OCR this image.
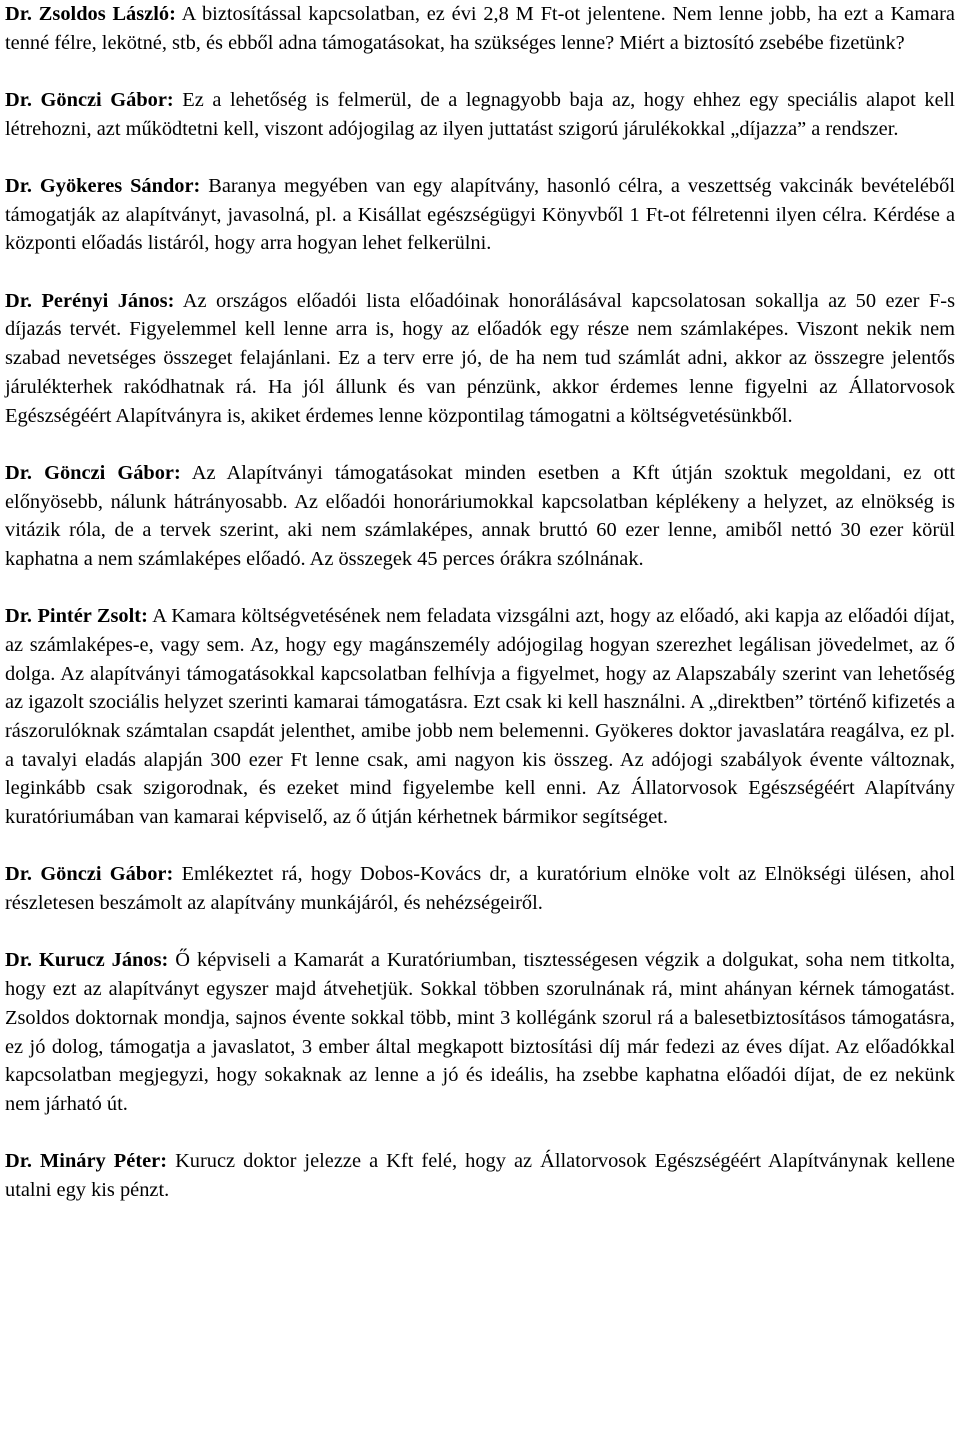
Dr. Zsoldos László: A biztosítással kapcsolatban, ez évi 2,8 M Ft-ot jelentene. Nem lenne jobb, ha ezt a Kamara tenné félre, lekötné, stb, és ebből adna támogatásokat, ha szükséges lenne? Miért a biztosító zsebébe fizetünk?

Dr. Gönczi Gábor: Ez a lehetőség is felmerül, de a legnagyobb baja az, hogy ehhez egy speciális alapot kell létrehozni, azt működtetni kell, viszont adójogilag az ilyen juttatást szigorú járulékokkal „díjazza” a rendszer.

Dr. Gyökeres Sándor: Baranya megyében van egy alapítvány, hasonló célra, a veszettség vakcinák bevételéből támogatják az alapítványt, javasolná, pl. a Kisállat egészségügyi Könyvből 1 Ft-ot félretenni ilyen célra. Kérdése a központi előadás listáról, hogy arra hogyan lehet felkerülni.

Dr. Perényi János: Az országos előadói lista előadóinak honorálásával kapcsolatosan sokallja az 50 ezer F-s díjazás tervét. Figyelemmel kell lenne arra is, hogy az előadók egy része nem számlaképes. Viszont nekik nem szabad nevetséges összeget felajánlani. Ez a terv erre jó, de ha nem tud számlát adni, akkor az összegre jelentős járulékterhek rakódhatnak rá. Ha jól állunk és van pénzünk, akkor érdemes lenne figyelni az Állatorvosok Egészségéért Alapítványra is, akiket érdemes lenne központilag támogatni a költségvetésünkből.

Dr. Gönczi Gábor: Az Alapítványi támogatásokat minden esetben a Kft útján szoktuk megoldani, ez ott előnyösebb, nálunk hátrányosabb. Az előadói honoráriumokkal kapcsolatban képlékeny a helyzet, az elnökség is vitázik róla, de a tervek szerint, aki nem számlaképes, annak bruttó 60 ezer lenne, amiből nettó 30 ezer körül kaphatna a nem számlaképes előadó. Az összegek 45 perces órákra szólnának.

Dr. Pintér Zsolt: A Kamara költségvetésének nem feladata vizsgálni azt, hogy az előadó, aki kapja az előadói díjat, az számlaképes-e, vagy sem. Az, hogy egy magánszemély adójogilag hogyan szerezhet legálisan jövedelmet, az ő dolga. Az alapítványi támogatásokkal kapcsolatban felhívja a figyelmet, hogy az Alapszabály szerint van lehetőség az igazolt szociális helyzet szerinti kamarai támogatásra. Ezt csak ki kell használni. A „direktben” történő kifizetés a rászorulóknak számtalan csapdát jelenthet, amibe jobb nem belemenni. Gyökeres doktor javaslatára reagálva, ez pl. a tavalyi eladás alapján 300 ezer Ft lenne csak, ami nagyon kis összeg. Az adójogi szabályok évente változnak, leginkább csak szigorodnak, és ezeket mind figyelembe kell enni. Az Állatorvosok Egészségéért Alapítvány kuratóriumában van kamarai képviselő, az ő útján kérhetnek bármikor segítséget.

Dr. Gönczi Gábor: Emlékeztet rá, hogy Dobos-Kovács dr, a kuratórium elnöke volt az Elnökségi ülésen, ahol részletesen beszámolt az alapítvány munkájáról, és nehézségeiről.

Dr. Kurucz János: Ő képviseli a Kamarát a Kuratóriumban, tisztességesen végzik a dolgukat, soha nem titkolta, hogy ezt az alapítványt egyszer majd átvehetjük. Sokkal többen szorulnának rá, mint ahányan kérnek támogatást. Zsoldos doktornak mondja, sajnos évente sokkal több, mint 3 kollégánk szorul rá a balesetbiztosításos támogatásra, ez jó dolog, támogatja a javaslatot, 3 ember által megkapott biztosítási díj már fedezi az éves díjat. Az előadókkal kapcsolatban megjegyzi, hogy sokaknak az lenne a jó és ideális, ha zsebbe kaphatna előadói díjat, de ez nekünk nem járható út.

Dr. Mináry Péter: Kurucz doktor jelezze a Kft felé, hogy az Állatorvosok Egészségéért Alapítványnak kellene utalni egy kis pénzt.
